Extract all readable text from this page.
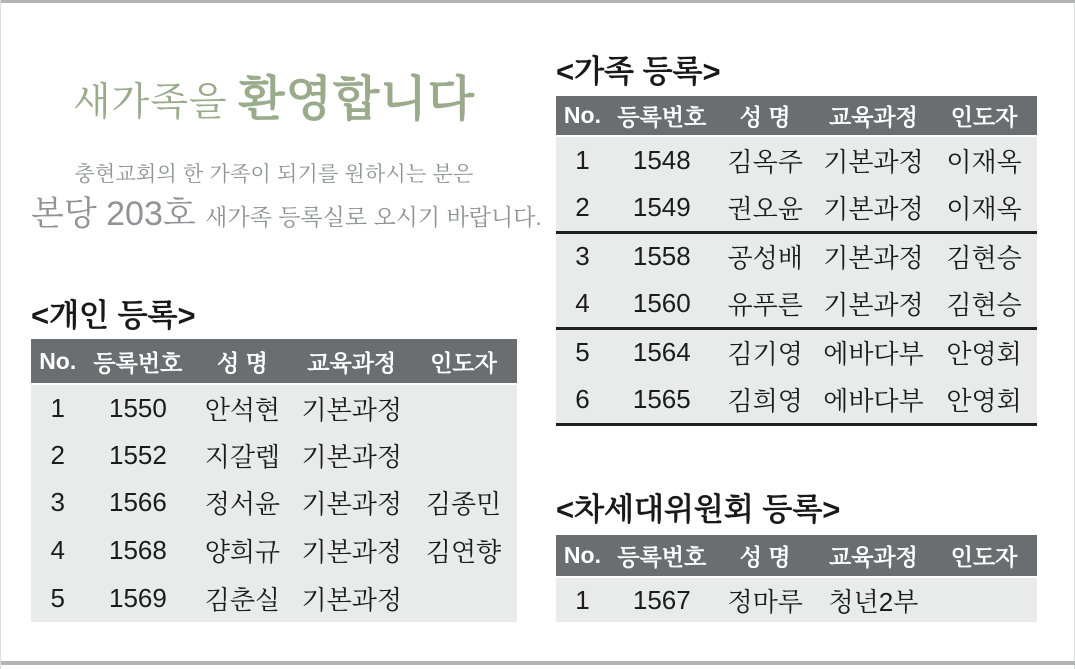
새가족을 환영합니다
충현교회의 한 가족이 되기를 원하시는 분은
본당 203호 새가족 등록실로 오시기 바랍니다.
<개인 등록>
No.	등록번호	성 명	교육과정	인도자
1	1550	안석현	기본과정	
2	1552	지갈렙	기본과정	
3	1566	정서윤	기본과정	김종민
4	1568	양희규	기본과정	김연향
5	1569	김춘실	기본과정	
<가족 등록>
No.	등록번호	성 명	교육과정	인도자
1	1548	김옥주	기본과정	이재옥
2	1549	권오윤	기본과정	이재옥
3	1558	공성배	기본과정	김현승
4	1560	유푸른	기본과정	김현승
5	1564	김기영	에바다부	안영회
6	1565	김희영	에바다부	안영회
<차세대위원회 등록>
No.	등록번호	성 명	교육과정	인도자
1	1567	정마루	청년2부	
